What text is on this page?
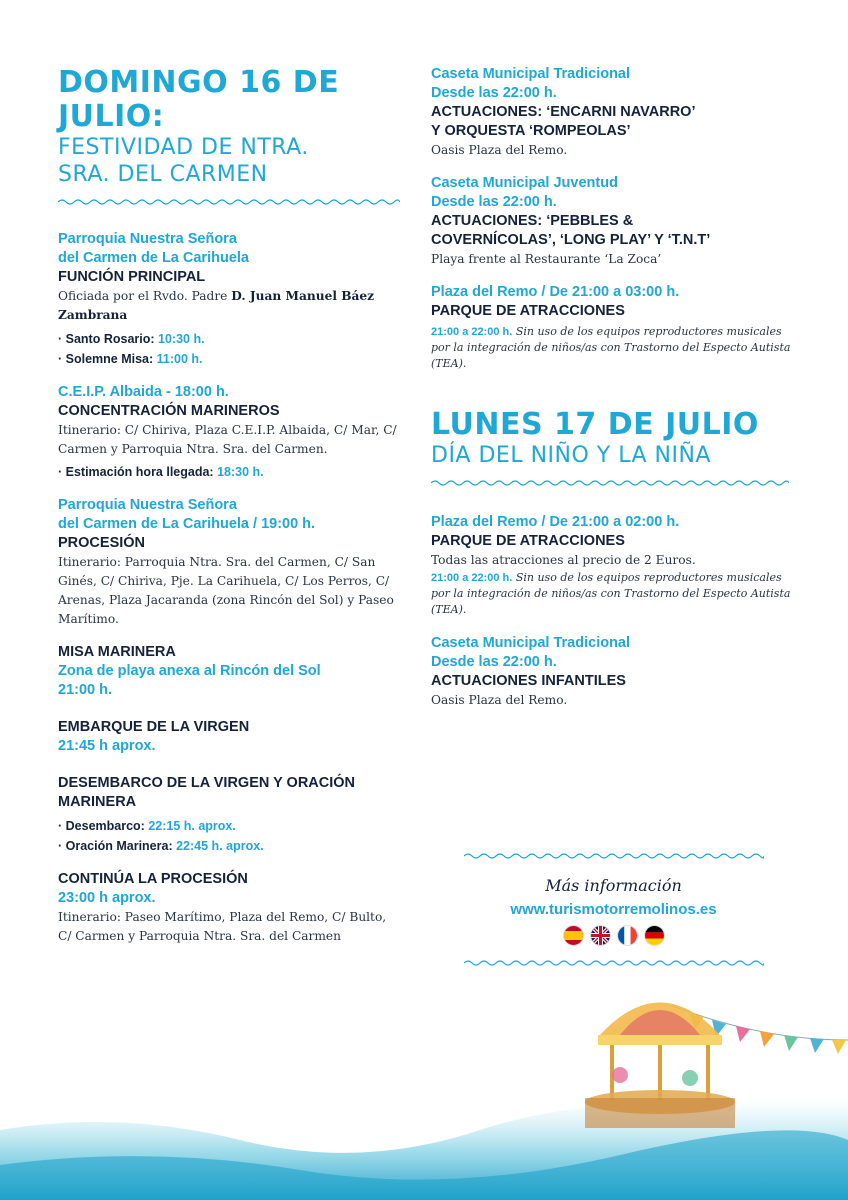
DOMINGO 16 DE JULIO:
FESTIVIDAD DE NTRA.
SRA. DEL CARMEN
Parroquia Nuestra Señora
del Carmen de La Carihuela
FUNCIÓN PRINCIPAL
Oficiada por el Rvdo. Padre D. Juan Manuel Báez Zambrana
· Santo Rosario: 10:30 h.
· Solemne Misa: 11:00 h.
C.E.I.P. Albaida - 18:00 h.
CONCENTRACIÓN MARINEROS
Itinerario: C/ Chiriva, Plaza C.E.I.P. Albaida, C/ Mar, C/ Carmen y Parroquia Ntra. Sra. del Carmen.
· Estimación hora llegada: 18:30 h.
Parroquia Nuestra Señora
del Carmen de La Carihuela / 19:00 h.
PROCESIÓN
Itinerario: Parroquia Ntra. Sra. del Carmen, C/ San Ginés, C/ Chiriva, Pje. La Carihuela, C/ Los Perros, C/ Arenas, Plaza Jacaranda (zona Rincón del Sol) y Paseo Marítimo.
MISA MARINERA
Zona de playa anexa al Rincón del Sol
21:00 h.
EMBARQUE DE LA VIRGEN
21:45 h aprox.
DESEMBARCO DE LA VIRGEN Y ORACIÓN MARINERA
· Desembarco: 22:15 h. aprox.
· Oración Marinera: 22:45 h. aprox.
CONTINÚA LA PROCESIÓN
23:00 h aprox.
Itinerario: Paseo Marítimo, Plaza del Remo, C/ Bulto, C/ Carmen y Parroquia Ntra. Sra. del Carmen
Caseta Municipal Tradicional
Desde las 22:00 h.
ACTUACIONES: ‘ENCARNI NAVARRO’
Y ORQUESTA ‘ROMPEOLAS’
Oasis Plaza del Remo.
Caseta Municipal Juventud
Desde las 22:00 h.
ACTUACIONES: ‘PEBBLES &
COVERNÍCOLAS’, ‘LONG PLAY’ Y ‘T.N.T’
Playa frente al Restaurante ‘La Zoca’
Plaza del Remo / De 21:00 a 03:00 h.
PARQUE DE ATRACCIONES
21:00 a 22:00 h. Sin uso de los equipos reproductores musicales por la integración de niños/as con Trastorno del Especto Autista (TEA).
LUNES 17 DE JULIO
DÍA DEL NIÑO Y LA NIÑA
Plaza del Remo / De 21:00 a 02:00 h.
PARQUE DE ATRACCIONES
Todas las atracciones al precio de 2 Euros.
21:00 a 22:00 h. Sin uso de los equipos reproductores musicales por la integración de niños/as con Trastorno del Especto Autista (TEA).
Caseta Municipal Tradicional
Desde las 22:00 h.
ACTUACIONES INFANTILES
Oasis Plaza del Remo.
Más información
www.turismotorremolinos.es
